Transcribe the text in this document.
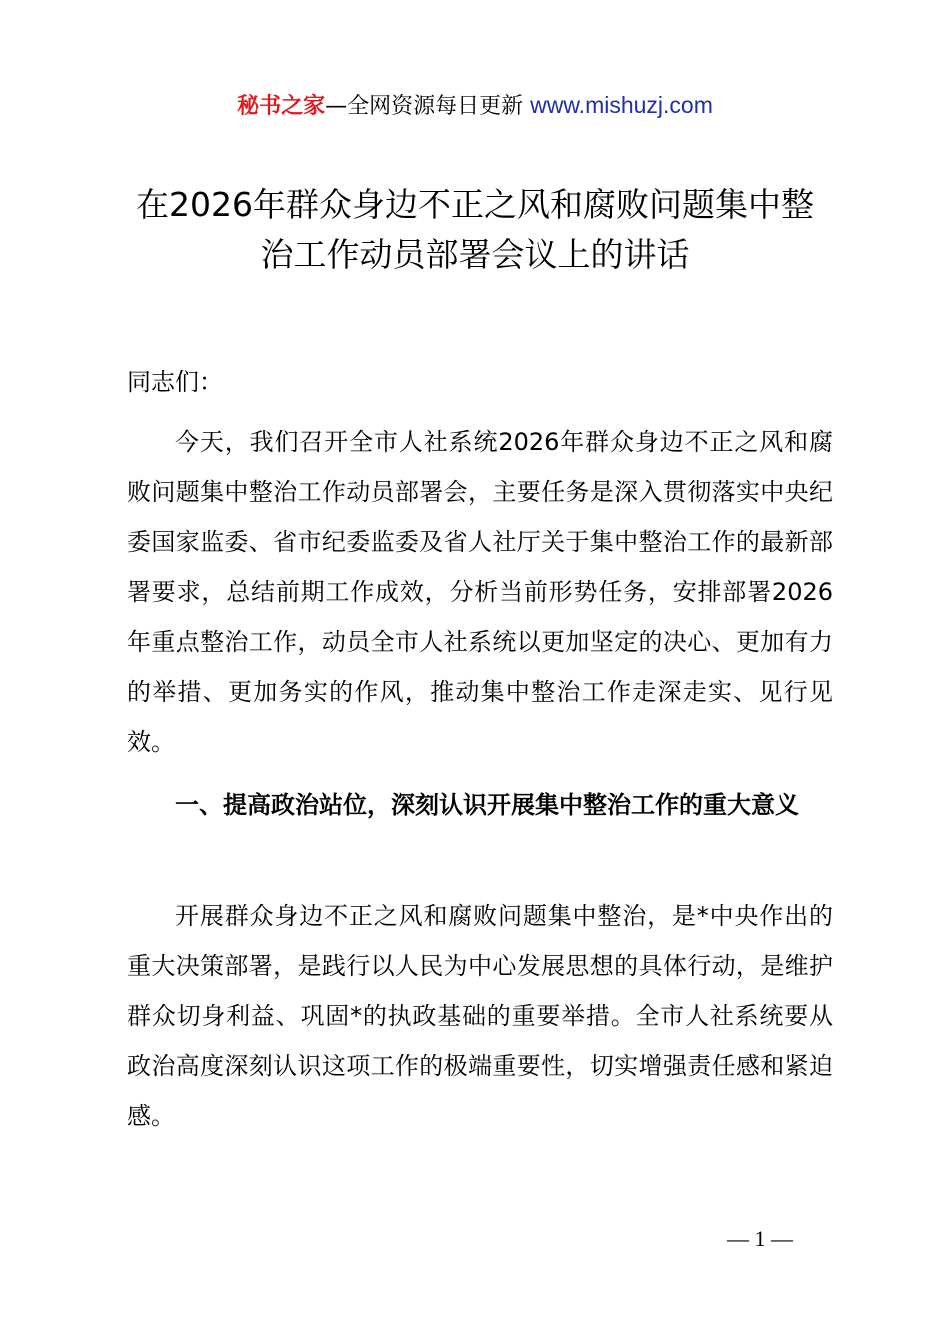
秘书之家—全网资源每日更新 www.mishuzj.com
在2026年群众身边不正之风和腐败问题集中整治工作动员部署会议上的讲话

同志们：

今天，我们召开全市人社系统2026年群众身边不正之风和腐败问题集中整治工作动员部署会，主要任务是深入贯彻落实中央纪委国家监委、省市纪委监委及省人社厅关于集中整治工作的最新部署要求，总结前期工作成效，分析当前形势任务，安排部署2026年重点整治工作，动员全市人社系统以更加坚定的决心、更加有力的举措、更加务实的作风，推动集中整治工作走深走实、见行见效。

一、提高政治站位，深刻认识开展集中整治工作的重大意义

开展群众身边不正之风和腐败问题集中整治，是*中央作出的重大决策部署，是践行以人民为中心发展思想的具体行动，是维护群众切身利益、巩固*的执政基础的重要举措。全市人社系统要从政治高度深刻认识这项工作的极端重要性，切实增强责任感和紧迫感。

— 1 —
